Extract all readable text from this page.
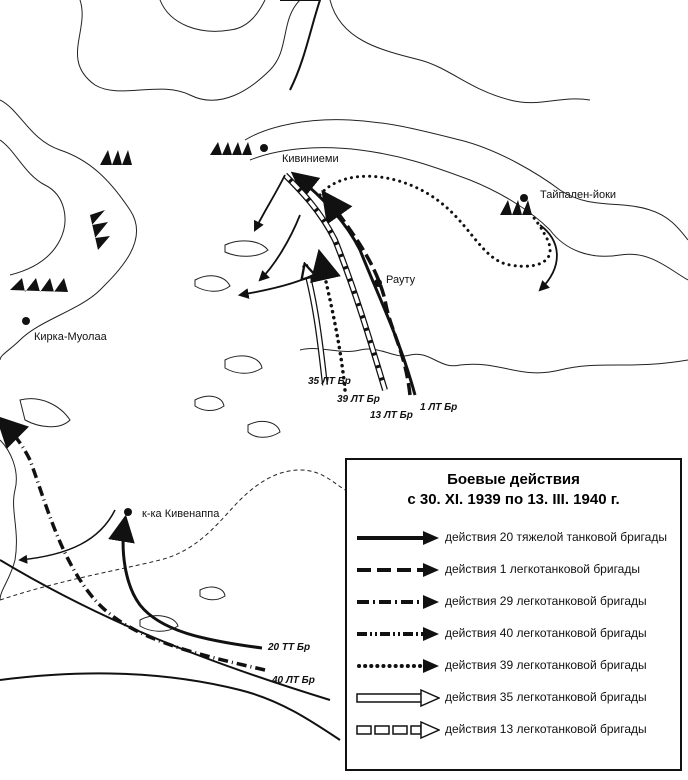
Кивиниеми
Тайпален-йоки
Рауту
Кирка-Муолаа
к-ка Кивенаппа
35 ЛТ Бр
39 ЛТ Бр
13 ЛТ Бр
1 ЛТ Бр
20 ТТ Бр
40 ЛТ Бр
Боевые действия
с 30. XI. 1939 по 13. III. 1940 г.
действия 20 тяжелой танковой бригады
действия 1 легкотанковой бригады
действия 29 легкотанковой бригады
действия 40 легкотанковой бригады
действия 39 легкотанковой бригады
действия 35 легкотанковой бригады
действия 13 легкотанковой бригады
